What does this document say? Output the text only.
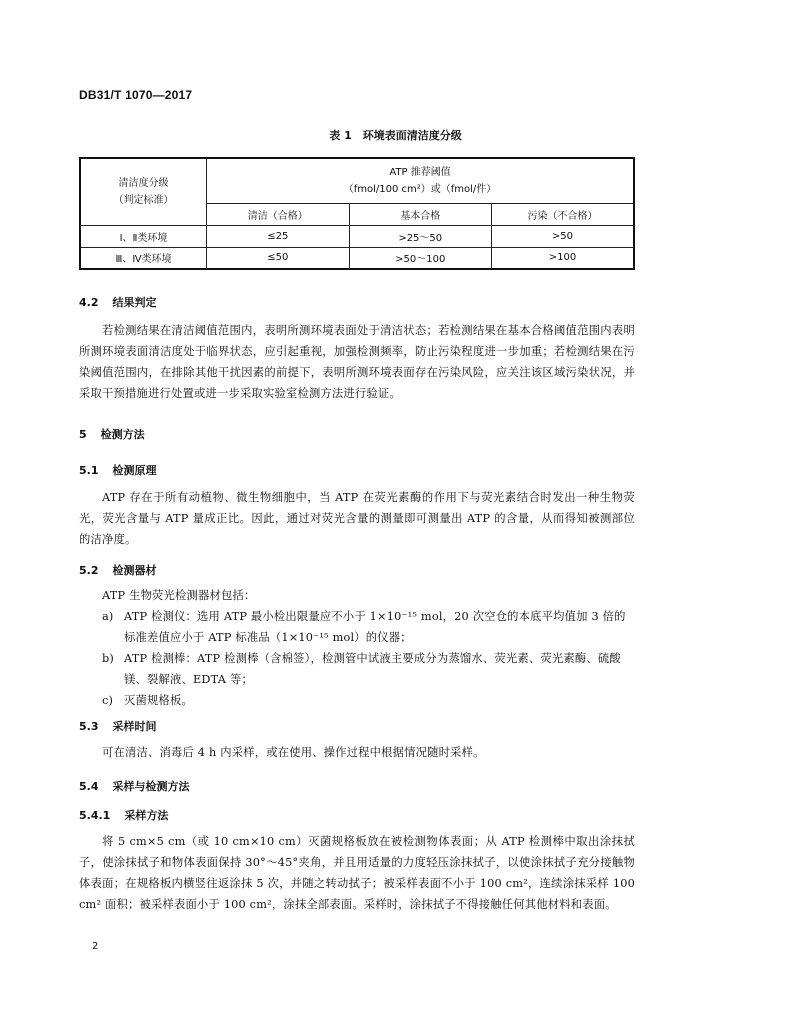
DB31/T 1070—2017
表 1　环境表面清洁度分级
清洁度分级
（判定标准）	ATP 推荐阈值
（fmol/100 cm²）或（fmol/件）		

	清洁（合格）	基本合格	污染（不合格）
Ⅰ、Ⅱ类环境	≤25	>25～50	>50
Ⅲ、Ⅳ类环境	≤50	>50～100	>100
4.2 结果判定

若检测结果在清洁阈值范围内，表明所测环境表面处于清洁状态；若检测结果在基本合格阈值范围内表明所测环境表面清洁度处于临界状态，应引起重视，加强检测频率，防止污染程度进一步加重；若检测结果在污染阈值范围内，在排除其他干扰因素的前提下，表明所测环境表面存在污染风险，应关注该区域污染状况，并采取干预措施进行处置或进一步采取实验室检测方法进行验证。

5 检测方法
5.1 检测原理

ATP 存在于所有动植物、微生物细胞中，当 ATP 在荧光素酶的作用下与荧光素结合时发出一种生物荧光，荧光含量与 ATP 量成正比。因此，通过对荧光含量的测量即可测量出 ATP 的含量，从而得知被测部位的洁净度。

5.2 检测器材

ATP 生物荧光检测器材包括：

a) ATP 检测仪：选用 ATP 最小检出限量应不小于 1×10⁻¹⁵ mol，20 次空仓的本底平均值加 3 倍的标准差值应小于 ATP 标准品（1×10⁻¹⁵ mol）的仪器；
b) ATP 检测棒：ATP 检测棒（含棉签），检测管中试液主要成分为蒸馏水、荧光素、荧光素酶、硫酸镁、裂解液、EDTA 等；
c) 灭菌规格板。
5.3 采样时间

可在清洁、消毒后 4 h 内采样，或在使用、操作过程中根据情况随时采样。

5.4 采样与检测方法
5.4.1 采样方法

将 5 cm×5 cm（或 10 cm×10 cm）灭菌规格板放在被检测物体表面；从 ATP 检测棒中取出涂抹拭子，使涂抹拭子和物体表面保持 30°～45°夹角，并且用适量的力度轻压涂抹拭子，以使涂抹拭子充分接触物体表面；在规格板内横竖往返涂抹 5 次，并随之转动拭子；被采样表面不小于 100 cm²，连续涂抹采样 100 cm² 面积；被采样表面小于 100 cm²，涂抹全部表面。采样时，涂抹拭子不得接触任何其他材料和表面。

2
